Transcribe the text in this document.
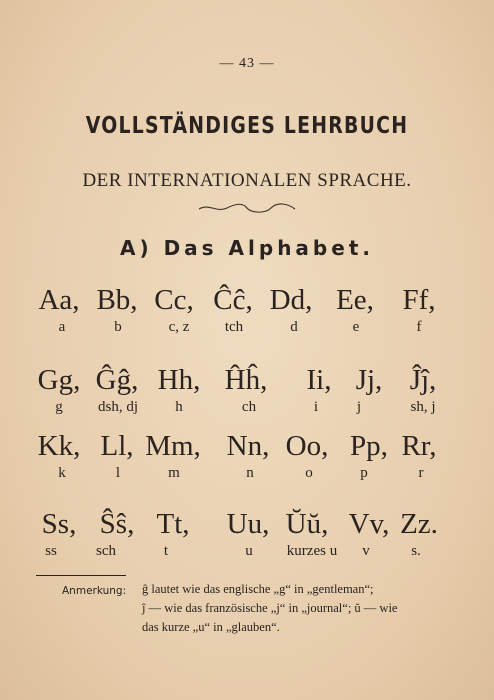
— 43 —
VOLLSTÄNDIGES LEHRBUCH
DER INTERNATIONALEN SPRACHE.
A) Das Alphabet.
Aa, Bb, Cc, Ĉĉ, Dd, Ee, Ff,
a	b	c, z	tch	d	e	f
Gg, Ĝĝ, Hh, Ĥĥ,	Ii, Jj, Ĵĵ,
g	dsh, dj	h	ch	i	j	sh, j
Kk, Ll, Mm, Nn, Oo, Pp, Rr,
k	l	m	n	o	p	r
Ss, Ŝŝ, Tt,	Uu, Ŭŭ, Vv, Zz.
ss	sch	t	u	kurzes u	v	s.
Anmerkung: ĝ lautet wie das englische „g“ in „gentleman“;
ĵ — wie das französische „j“ in „journal“; ŭ — wie
das kurze „u“ in „glauben“.
